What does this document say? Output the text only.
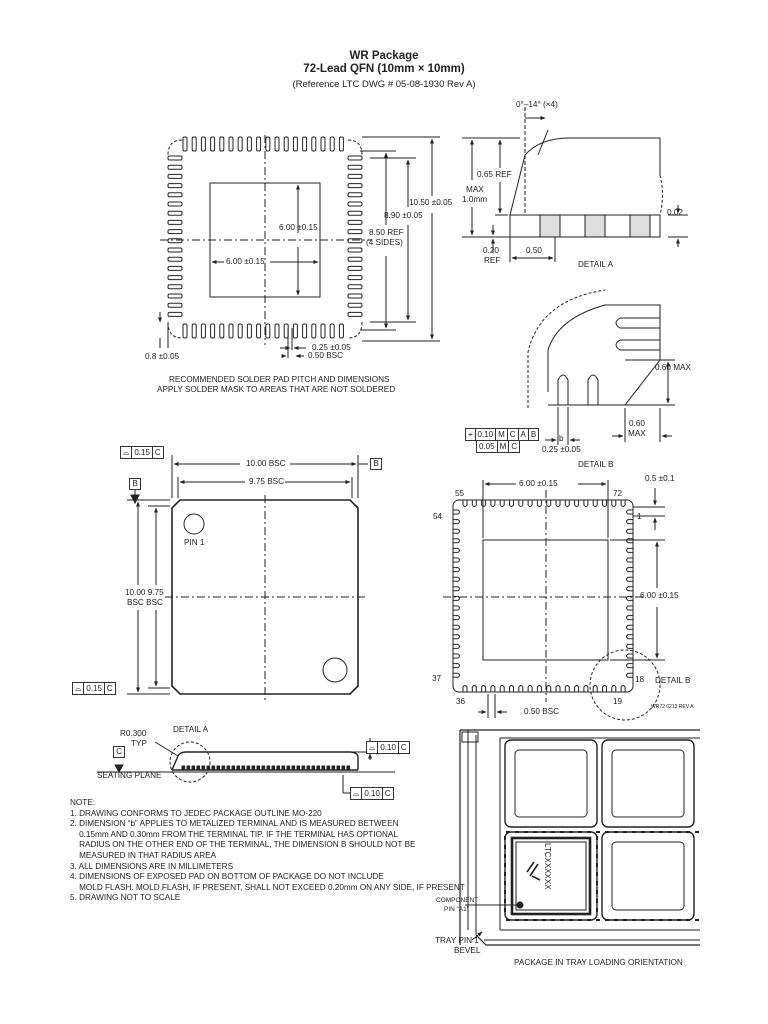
WR Package
72-Lead QFN (10mm × 10mm)
(Reference LTC DWG # 05-08-1930 Rev A)
6.00 ±0.15
6.00 ±0.15
8.50 REF
(4 SIDES)
8.90 ±0.05
10.50 ±0.05
0.8 ±0.05
0.25 ±0.05
0.50 BSC
RECOMMENDED SOLDER PAD PITCH AND DIMENSIONS
APPLY SOLDER MASK TO AREAS THAT ARE NOT SOLDERED
0°–14° (×4)
0.65 REF
MAX
1.0mm
0.02
0.20
REF
0.50
DETAIL A
0.60 MAX
0.60
MAX
⌖ 0.10 M C A B
0.05 M C
b
0.25 ±0.05
DETAIL B
⌓ 0.15 C
10.00 BSC	B
B	9.75 BSC
10.00 9.75
BSC BSC
PIN 1
⌓ 0.15 C
6.00 ±0.15
0.5 ±0.1
55	72
54	1
6.00 ±0.15
37	18 DETAIL B
36	19
0.50 BSC	WR72 0213 REV A
R0.300
TYP
DETAIL A
C
SEATING PLANE
⌓ 0.10 C
⌓ 0.10 C
NOTE:
1. DRAWING CONFORMS TO JEDEC PACKAGE OUTLINE MO-220
2. DIMENSION “b” APPLIES TO METALIZED TERMINAL AND IS MEASURED BETWEEN
0.15mm AND 0.30mm FROM THE TERMINAL TIP. IF THE TERMINAL HAS OPTIONAL
RADIUS ON THE OTHER END OF THE TERMINAL, THE DIMENSION B SHOULD NOT BE
MEASURED IN THAT RADIUS AREA
3. ALL DIMENSIONS ARE IN MILLIMETERS
4. DIMENSIONS OF EXPOSED PAD ON BOTTOM OF PACKAGE DO NOT INCLUDE
MOLD FLASH. MOLD FLASH, IF PRESENT, SHALL NOT EXCEED 0.20mm ON ANY SIDE, IF PRESENT
5. DRAWING NOT TO SCALE
LTCXXXXXX
COMPONENT
PIN “A1”
TRAY PIN 1
BEVEL
PACKAGE IN TRAY LOADING ORIENTATION
